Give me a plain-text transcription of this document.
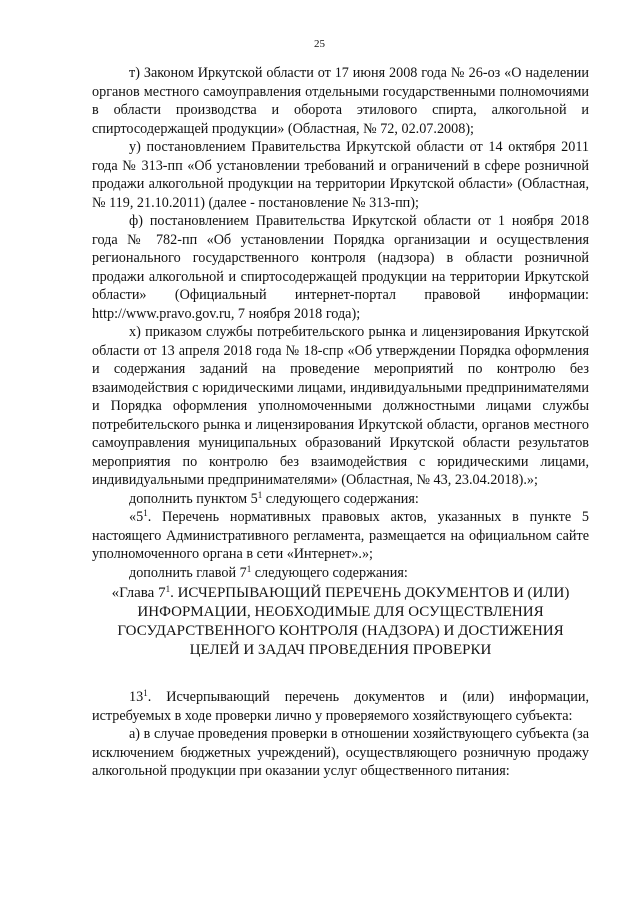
25

т) Законом Иркутской области от 17 июня 2008 года № 26-оз «О наделении органов местного самоуправления отдельными государственными полномочиями в области производства и оборота этилового спирта, алкогольной и спиртосодержащей продукции» (Областная, № 72, 02.07.2008);

у) постановлением Правительства Иркутской области от 14 октября 2011 года № 313-пп «Об установлении требований и ограничений в сфере розничной продажи алкогольной продукции на территории Иркутской области» (Областная, № 119, 21.10.2011) (далее - постановление № 313-пп);

ф) постановлением Правительства Иркутской области от 1 ноября 2018 года № 782-пп «Об установлении Порядка организации и осуществления регионального государственного контроля (надзора) в области розничной продажи алкогольной и спиртосодержащей продукции на территории Иркутской области» (Официальный интернет-портал правовой информации: http://www.pravo.gov.ru, 7 ноября 2018 года);

х) приказом службы потребительского рынка и лицензирования Иркутской области от 13 апреля 2018 года № 18-спр «Об утверждении Порядка оформления и содержания заданий на проведение мероприятий по контролю без взаимодействия с юридическими лицами, индивидуальными предпринимателями и Порядка оформления уполномоченными должностными лицами службы потребительского рынка и лицензирования Иркутской области, органов местного самоуправления муниципальных образований Иркутской области результатов мероприятия по контролю без взаимодействия с юридическими лицами, индивидуальными предпринимателями» (Областная, № 43, 23.04.2018).»;

дополнить пунктом $5^1$ следующего содержания:

«$5^1$. Перечень нормативных правовых актов, указанных в пункте 5 настоящего Административного регламента, размещается на официальном сайте уполномоченного органа в сети «Интернет».»;

дополнить главой $7^1$ следующего содержания:

«Глава $7^1$. ИСЧЕРПЫВАЮЩИЙ ПЕРЕЧЕНЬ ДОКУМЕНТОВ И (ИЛИ)
ИНФОРМАЦИИ, НЕОБХОДИМЫЕ ДЛЯ ОСУЩЕСТВЛЕНИЯ
ГОСУДАРСТВЕННОГО КОНТРОЛЯ (НАДЗОРА) И ДОСТИЖЕНИЯ
ЦЕЛЕЙ И ЗАДАЧ ПРОВЕДЕНИЯ ПРОВЕРКИ

$13^1$. Исчерпывающий перечень документов и (или) информации, истребуемых в ходе проверки лично у проверяемого хозяйствующего субъекта:

а) в случае проведения проверки в отношении хозяйствующего субъекта (за исключением бюджетных учреждений), осуществляющего розничную продажу алкогольной продукции при оказании услуг общественного питания:
